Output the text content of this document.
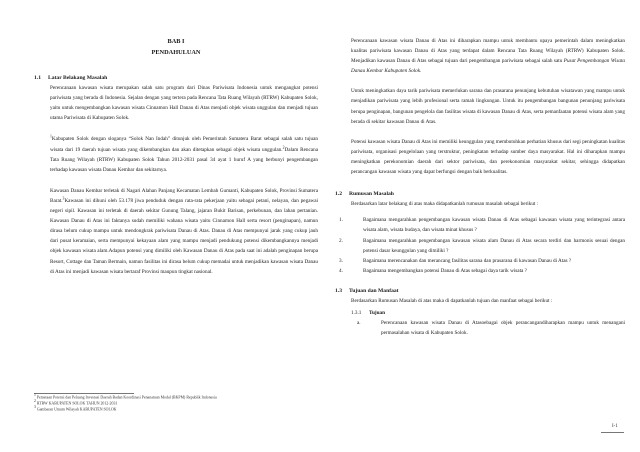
BAB I
PENDAHULUAN
1.1 Latar Belakang Masalah

Perencanaan kawasan wisata merupakan salah satu program dari Dinas Pariwisata Indonesia untuk mengangkat potensi pariwisata yang berada di Indonesia. Sejalan dengan yang tertera pada Rencana Tata Ruang Wilayah (RTRW) Kabupaten Solok, yaitu untuk mengembangkan kawasan wisata Cinnamon Hall Danau di Atas menjadi objek wisata unggulan dan menjadi tujuan utama Pariwisata di Kabupaten Solok.

$^1$Kabupaten Solok dengan sloganya “Solok Nan Indah” ditunjuk oleh Pemerintah Sumatera Barat sebagai salah satu tujuan wisata dari 19 daerah tujuan wisata yang dikembangkan dan akan ditetapkan sebagai objek wisata unggulan.$^2$Dalam Rencana Tata Ruang Wilayah (RTRW) Kabupaten Solok Tahun 2012-2031 pasal 34 ayat 1 huruf A yang berbunyi pengembangan terhadap kawasan wisata Danau Kembar dan sekitarnya.

Kawasan Danau Kembar terletak di Nagari Alahan Panjang Kecamatan Lembah Gumanti, Kabupaten Solok, Provinsi Sumatera Barat.$^3$Kawasan ini dihuni oleh 53.178 jiwa penduduk dengan rata-rata pekerjaan yaitu sebagai petani, nelayan, dan pegawai negeri sipil. Kawasan ini terletak di daerah sekitar Gunung Talang, jajaran Bukit Barisan, perkebunan, dan lahan pertanian. Kawasan Danau di Atas ini faktanya sudah memiliki wahana wisata yaitu Cinnamon Hall serta resort (penginapan), namun dirasa belum cukup mampu untuk mendongkrak pariwisata Danau di Atas. Danau di Atas mempunyai jarak yang cukup jauh dari pusat keramaian, serta mempunyai kekayaan alam yang mampu menjadi pendukung potensi dikembangkannya menjadi objek kawasan wisata alam.Adapun potensi yang dimiliki oleh Kawasan Danau di Atas pada saat ini adalah penginapan berupa Resort, Cottage dan Taman Bermain, namun fasilitas ini dirasa belum cukup memadai untuk menjadikan kawasan wisata Danau di Atas ini menjadi kawasan wisata bertaraf Provinsi maupun tingkat nasional.

1 Pemetaan Potensi dan Peluang Investasi Daerah Badan Koordinasi Penanaman Modal (BKPM) Republik Indonesia
2 RTRW KABUPATEN SOLOK TAHUN 2012-2031
3 Gambaran Umum Wilayah KABUPATEN SOLOK

Perencanaan kawasan wisata Danau di Atas ini diharapkan mampu untuk membantu upaya pemerintah dalam meningkatkan kualitas pariwisata kawasan Danau di Atas yang terdapat dalam Rencana Tata Ruang Wilayah (RTRW) Kabupaten Solok. Menjadikan kawasan Danau di Atas sebagai tujuan dari pengembangan pariwisata sebagai salah satu Pusat Pengembangan Wisata Danau Kembar Kabupaten Solok.

Untuk meningkatkan daya tarik pariwisata memerlukan sarana dan prasarana penunjang kebutuhan wisatawan yang mampu untuk menjadikan pariwisata yang lebih profesional serta ramah lingkungan. Untuk itu pengembangan bangunan penunjang pariwisata berupa penginapan, bangunan pengelola dan fasilitas wisata di kawasan Danau di Atas, serta pemanfaatan potensi wisata alam yang berada di sekitar kawasan Danau di Atas.

Potensi kawasan wisata Danau di Atas ini memiliki keunggulan yang membutuhkan perhatian khusus dari segi peningkatan kualitas pariwisata, organisasi pengelolaan yang terstruktur, peningkatan terhadap sumber daya masyarakat. Hal ini diharapkan mampu meningkatkan perekonomian daerah dari sektor pariwisata, dan perekonomian masyarakat sekitar, sehingga didapatkan perancangan kawasan wisata yang dapat berfungsi dengan baik berkualitas.

1.2 Rumusan Masalah

Berdasarkan latar belakang di atas maka didapatkanlah rumusan masalah sebagai berikut :

1.	Bagaimana mengarahkan pengembangan kawasan wisata Danau di Atas sebagai kawasan wisata yang terintegrasi antara wisata alam, wisata budaya, dan wisata minat khusus ?

2.	Bagaimana mengarahkan pengembangan kawasan wisata alam Danau di Atas secara terdiri dan harmonis sesuai dengan potensi dasar keunggulan yang dimiliki ?

3.	Bagaimana merencanakan dan merancang fasilitas sarana dan prasarana di kawasan Danau di Atas ?

4.	Bagaimana mengembangkan potensi Danau di Atas sebagai daya tarik wisata ?

1.3 Tujuan dan Manfaat

Berdasarkan Rumusan Masalah di atas maka di dapatkanlah tujuan dan manfaat sebagai berikut :

1.3.1 Tujuan

a.	Perencanaan kawasan wisata Danau di Atasoebagai objek perancangandiharapkan mampu untuk menangani permasalahan wisata di Kabupaten Solok.

I-1
